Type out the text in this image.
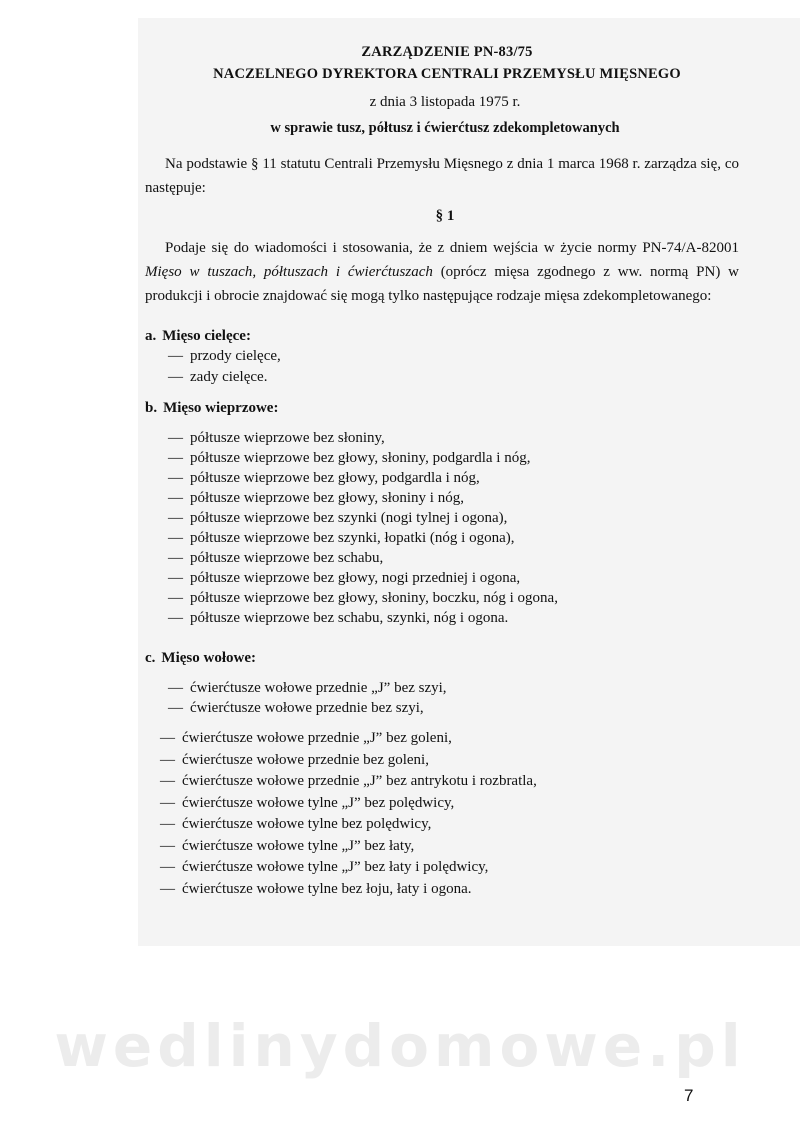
ZARZĄDZENIE PN-83/75
NACZELNEGO DYREKTORA CENTRALI PRZEMYSŁU MIĘSNEGO
z dnia 3 listopada 1975 r.
w sprawie tusz, półtusz i ćwierćtusz zdekompletowanych
Na podstawie § 11 statutu Centrali Przemysłu Mięsnego z dnia 1 marca 1968 r. zarządza się, co następuje:
§ 1
Podaje się do wiadomości i stosowania, że z dniem wejścia w życie normy PN-74/A-82001 Mięso w tuszach, półtuszach i ćwierćtuszach (oprócz mięsa zgodnego z ww. normą PN) w produkcji i obrocie znajdować się mogą tylko następujące rodzaje mięsa zdekompletowanego:
a. Mięso cielęce:
— przody cielęce,
— zady cielęce.
b. Mięso wieprzowe:
— półtusze wieprzowe bez słoniny,
— półtusze wieprzowe bez głowy, słoniny, podgardla i nóg,
— półtusze wieprzowe bez głowy, podgardla i nóg,
— półtusze wieprzowe bez głowy, słoniny i nóg,
— półtusze wieprzowe bez szynki (nogi tylnej i ogona),
— półtusze wieprzowe bez szynki, łopatki (nóg i ogona),
— półtusze wieprzowe bez schabu,
— półtusze wieprzowe bez głowy, nogi przedniej i ogona,
— półtusze wieprzowe bez głowy, słoniny, boczku, nóg i ogona,
— półtusze wieprzowe bez schabu, szynki, nóg i ogona.
c. Mięso wołowe:
— ćwierćtusze wołowe przednie „J” bez szyi,
— ćwierćtusze wołowe przednie bez szyi,
— ćwierćtusze wołowe przednie „J” bez goleni,
— ćwierćtusze wołowe przednie bez goleni,
— ćwierćtusze wołowe przednie „J” bez antrykotu i rozbratla,
— ćwierćtusze wołowe tylne „J” bez polędwicy,
— ćwierćtusze wołowe tylne bez polędwicy,
— ćwierćtusze wołowe tylne „J” bez łaty,
— ćwierćtusze wołowe tylne „J” bez łaty i polędwicy,
— ćwierćtusze wołowe tylne bez łoju, łaty i ogona.
wedlinydomowe.pl
7
